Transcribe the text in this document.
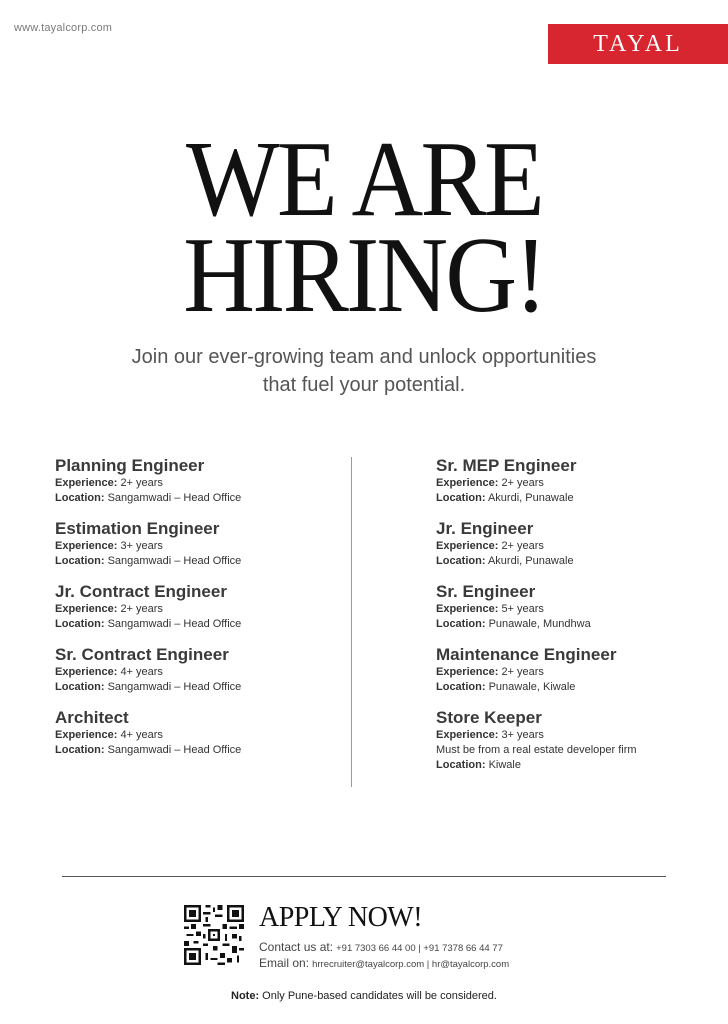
www.tayalcorp.com
TAYAL
WE ARE
HIRING!
Join our ever-growing team and unlock opportunities
that fuel your potential.
Planning Engineer
Experience: 2+ years
Location: Sangamwadi – Head Office
Estimation Engineer
Experience: 3+ years
Location: Sangamwadi – Head Office
Jr. Contract Engineer
Experience: 2+ years
Location: Sangamwadi – Head Office
Sr. Contract Engineer
Experience: 4+ years
Location: Sangamwadi – Head Office
Architect
Experience: 4+ years
Location: Sangamwadi – Head Office
Sr. MEP Engineer
Experience: 2+ years
Location: Akurdi, Punawale
Jr. Engineer
Experience: 2+ years
Location: Akurdi, Punawale
Sr. Engineer
Experience: 5+ years
Location: Punawale, Mundhwa
Maintenance Engineer
Experience: 2+ years
Location: Punawale, Kiwale
Store Keeper
Experience: 3+ years
Must be from a real estate developer firm
Location: Kiwale
APPLY NOW!
Contact us at: +91 7303 66 44 00 | +91 7378 66 44 77
Email on: hrrecruiter@tayalcorp.com | hr@tayalcorp.com
Note: Only Pune-based candidates will be considered.
